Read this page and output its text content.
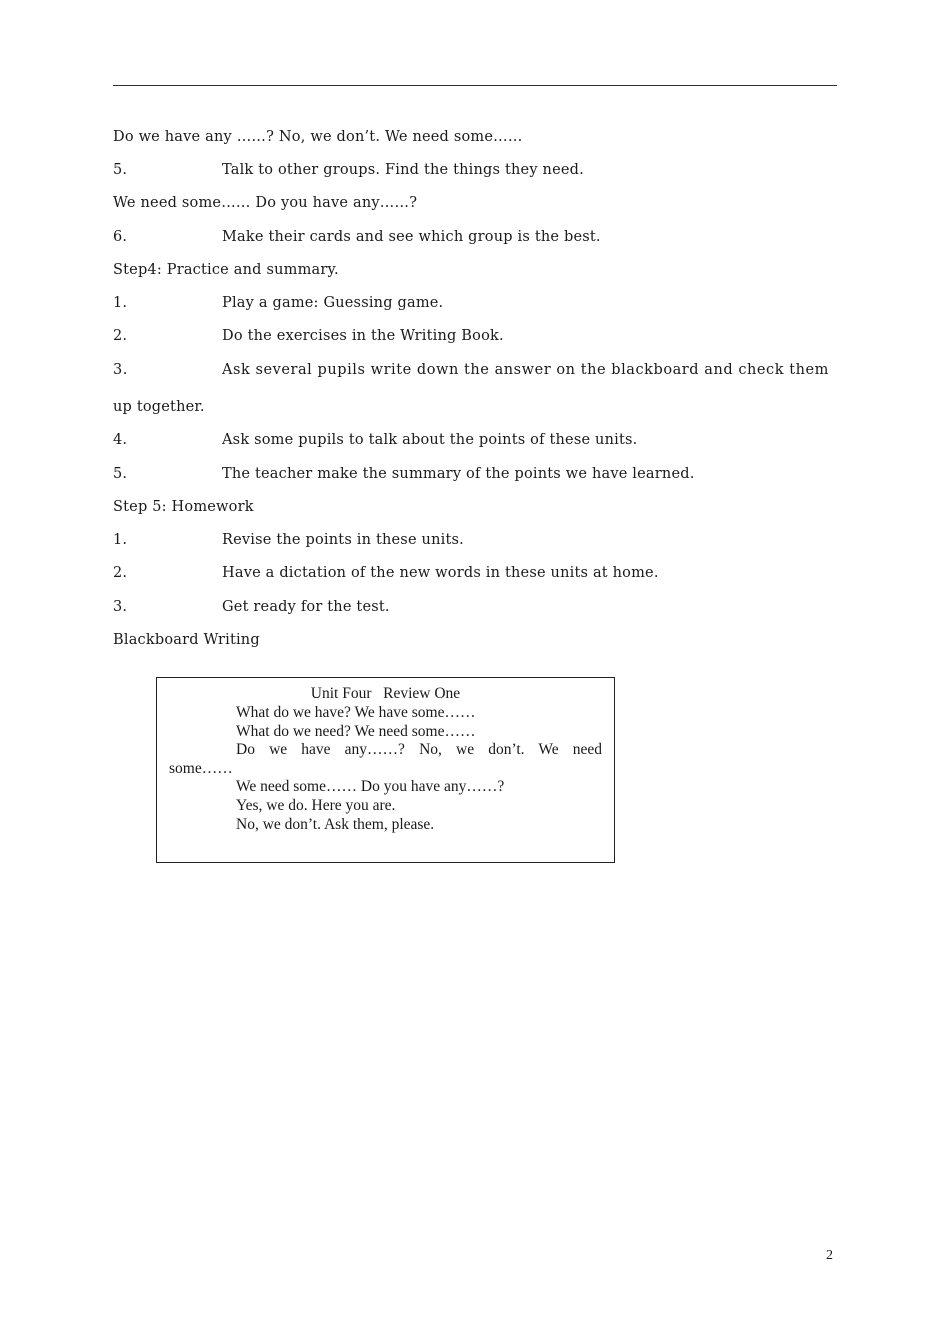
Do we have any ……? No, we don’t. We need some……
5.	Talk to other groups. Find the things they need.
We need some…… Do you have any……?
6.	Make their cards and see which group is the best.
Step4: Practice and summary.
1.	Play a game: Guessing game.
2.	Do the exercises in the Writing Book.
3.	Ask several pupils write down the answer on the blackboard and check them
up together.
4.	Ask some pupils to talk about the points of these units.
5.	The teacher make the summary of the points we have learned.
Step 5: Homework
1.	Revise the points in these units.
2.	Have a dictation of the new words in these units at home.
3.	Get ready for the test.
Blackboard Writing
Unit Four   Review One
What do we have? We have some……
What do we need? We need some……
Do we have any……? No, we don’t. We need
some……
We need some…… Do you have any……?
Yes, we do. Here you are.
No, we don’t. Ask them, please.
2
